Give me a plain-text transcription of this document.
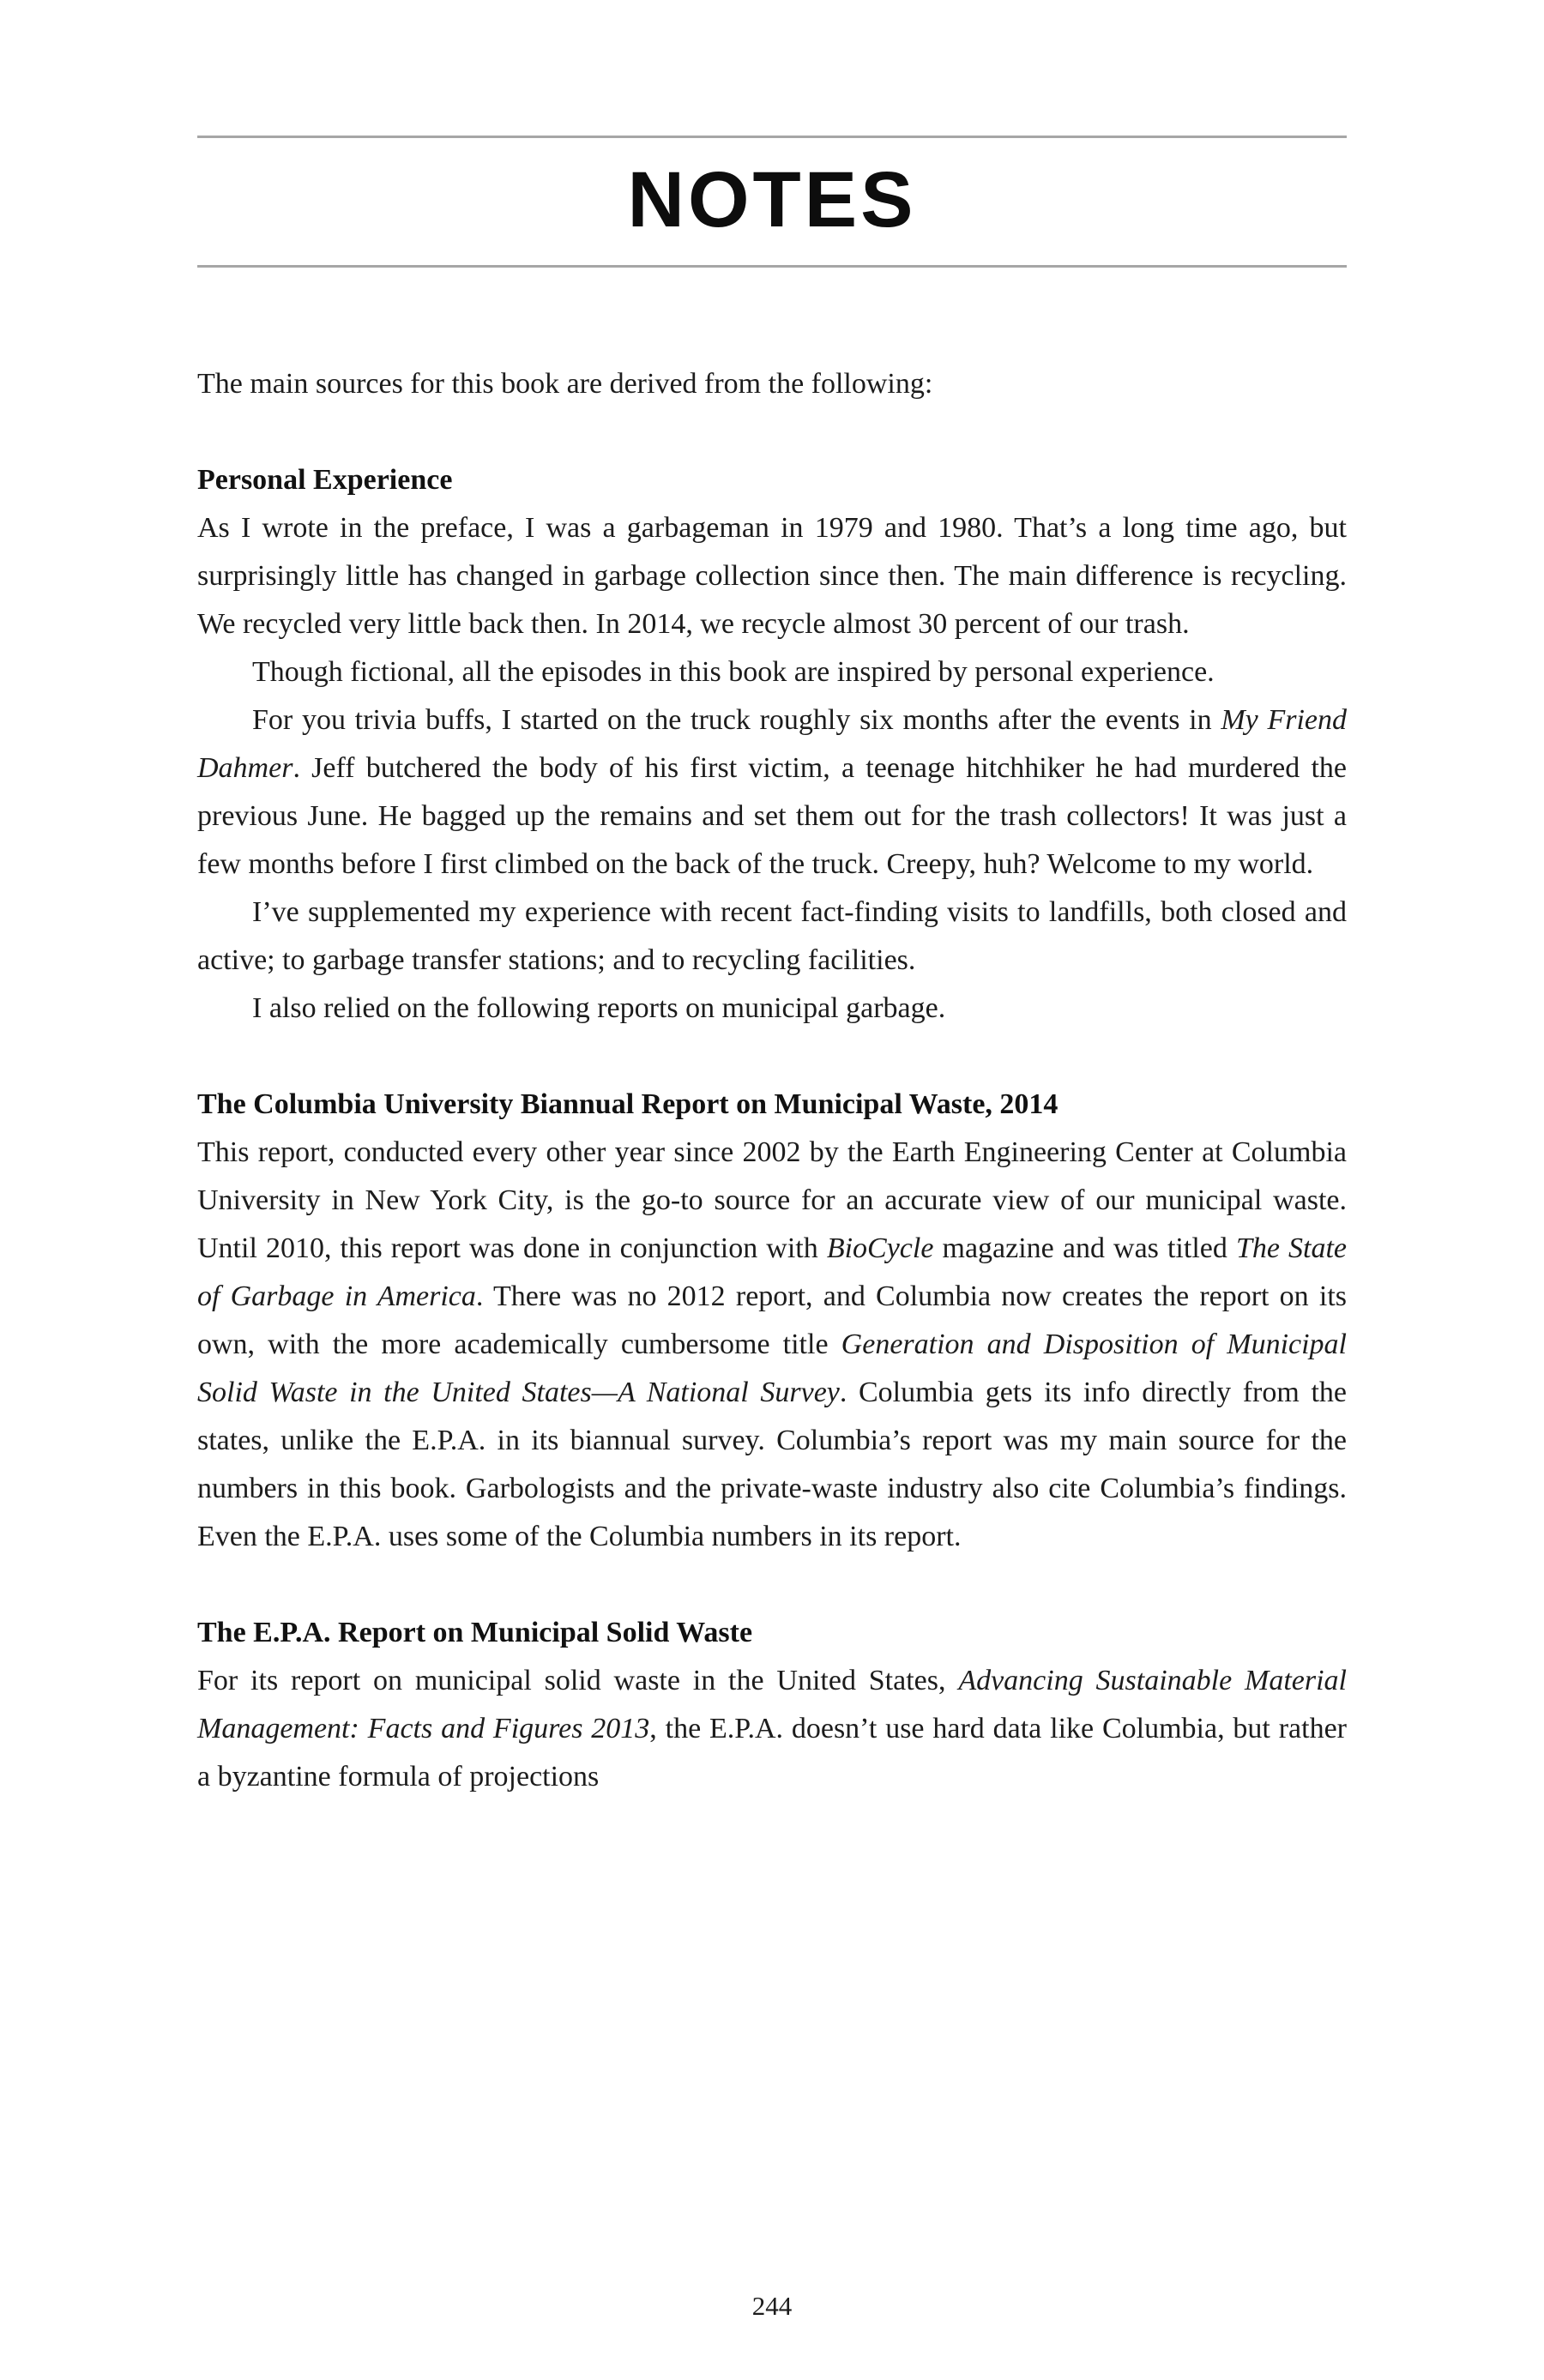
NOTES

The main sources for this book are derived from the following:

Personal Experience

As I wrote in the preface, I was a garbageman in 1979 and 1980. That’s a long time ago, but surprisingly little has changed in garbage collection since then. The main difference is recycling. We recycled very little back then. In 2014, we recycle almost 30 percent of our trash.

Though fictional, all the episodes in this book are inspired by personal experience.

For you trivia buffs, I started on the truck roughly six months after the events in My Friend Dahmer. Jeff butchered the body of his first victim, a teenage hitchhiker he had murdered the previous June. He bagged up the remains and set them out for the trash collectors! It was just a few months before I first climbed on the back of the truck. Creepy, huh? Welcome to my world.

I’ve supplemented my experience with recent fact-finding visits to landfills, both closed and active; to garbage transfer stations; and to recycling facilities.

I also relied on the following reports on municipal garbage.

The Columbia University Biannual Report on Municipal Waste, 2014

This report, conducted every other year since 2002 by the Earth Engineering Center at Columbia University in New York City, is the go-to source for an accurate view of our municipal waste. Until 2010, this report was done in conjunction with BioCycle magazine and was titled The State of Garbage in America. There was no 2012 report, and Columbia now creates the report on its own, with the more academically cumbersome title Generation and Disposition of Municipal Solid Waste in the United States—A National Survey. Columbia gets its info directly from the states, unlike the E.P.A. in its biannual survey. Columbia’s report was my main source for the numbers in this book. Garbologists and the private-waste industry also cite Columbia’s findings. Even the E.P.A. uses some of the Columbia numbers in its report.

The E.P.A. Report on Municipal Solid Waste

For its report on municipal solid waste in the United States, Advancing Sustainable Material Management: Facts and Figures 2013, the E.P.A. doesn’t use hard data like Columbia, but rather a byzantine formula of projections

244
